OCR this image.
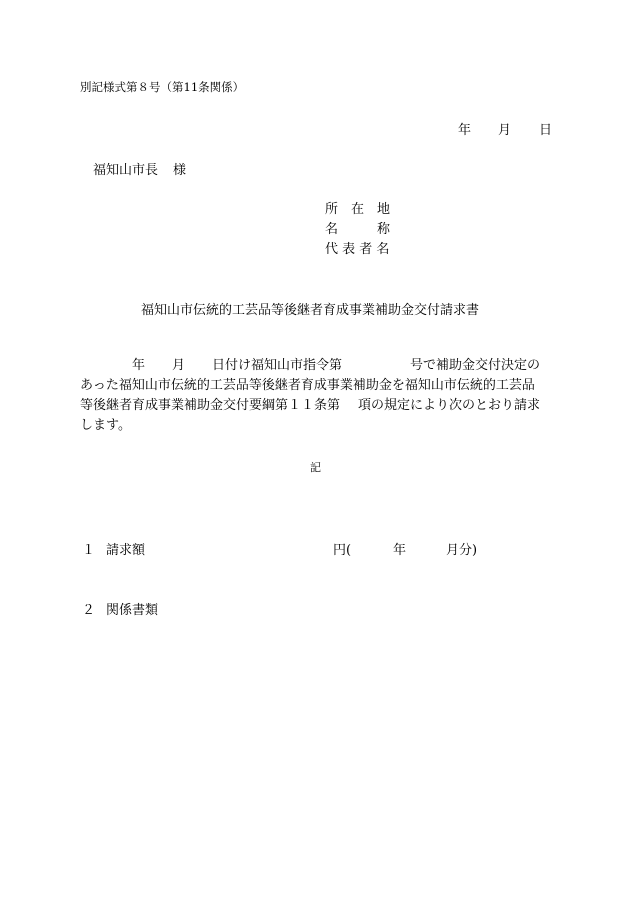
別記様式第８号（第11条関係）
年 月 日
福知山市長 様
所　在　地
名　　　称
代 表 者 名
福知山市伝統的工芸品等後継者育成事業補助金交付請求書
年 月 日付け福知山市指令第	号で補助金交付決定の
あった福知山市伝統的工芸品等後継者育成事業補助金を福知山市伝統的工芸品
等後継者育成事業補助金交付要綱第１１条第 項の規定により次のとおり請求
します。
記
１ 請求額	円(	年	月分)
２ 関係書類
